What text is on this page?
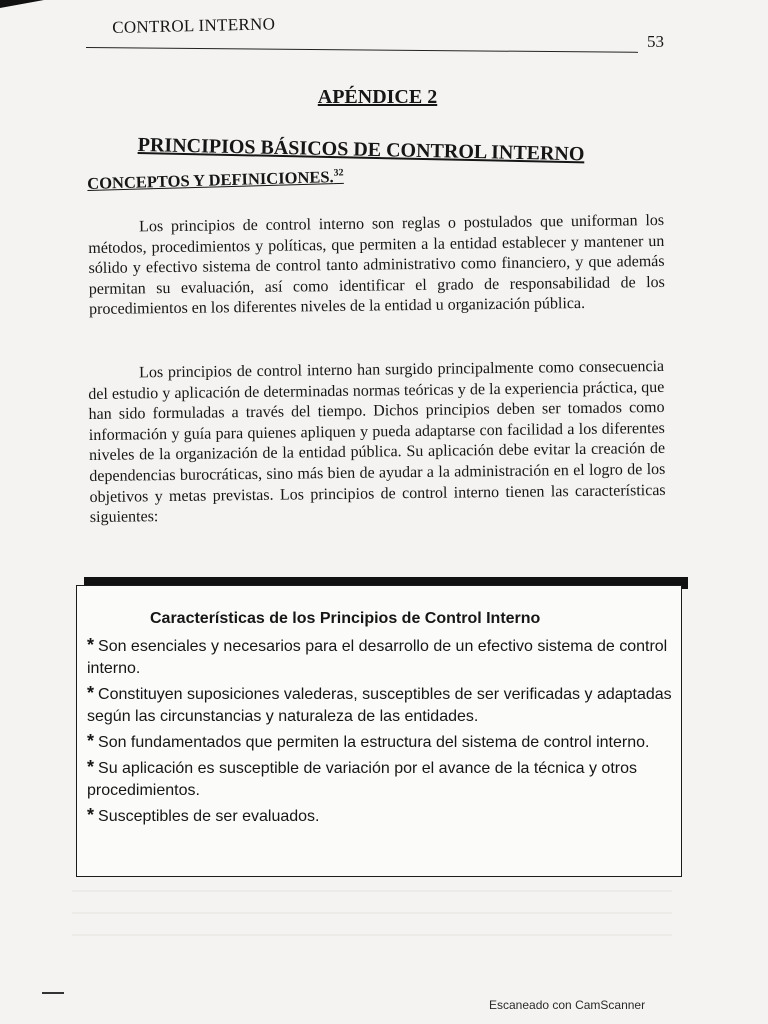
CONTROL INTERNO
53
APÉNDICE 2
PRINCIPIOS BÁSICOS DE CONTROL INTERNO
CONCEPTOS Y DEFINICIONES.$^{32}$
Los principios de control interno son reglas o postulados que uniforman los métodos, procedimientos y políticas, que permiten a la entidad establecer y mantener un sólido y efectivo sistema de control tanto administrativo como financiero, y que además permitan su evaluación, así como identificar el grado de responsabilidad de los procedimientos en los diferentes niveles de la entidad u organización pública.
Los principios de control interno han surgido principalmente como consecuencia del estudio y aplicación de determinadas normas teóricas y de la experiencia práctica, que han sido formuladas a través del tiempo. Dichos principios deben ser tomados como información y guía para quienes apliquen y pueda adaptarse con facilidad a los diferentes niveles de la organización de la entidad pública. Su aplicación debe evitar la creación de dependencias burocráticas, sino más bien de ayudar a la administración en el logro de los objetivos y metas previstas. Los principios de control interno tienen las características siguientes:
Características de los Principios de Control Interno
* Son esenciales y necesarios para el desarrollo de un efectivo sistema de control interno.
* Constituyen suposiciones valederas, susceptibles de ser verificadas y adaptadas según las circunstancias y naturaleza de las entidades.
* Son fundamentados que permiten la estructura del sistema de control interno.
* Su aplicación es susceptible de variación por el avance de la técnica y otros procedimientos.
* Susceptibles de ser evaluados.
Escaneado con CamScanner
